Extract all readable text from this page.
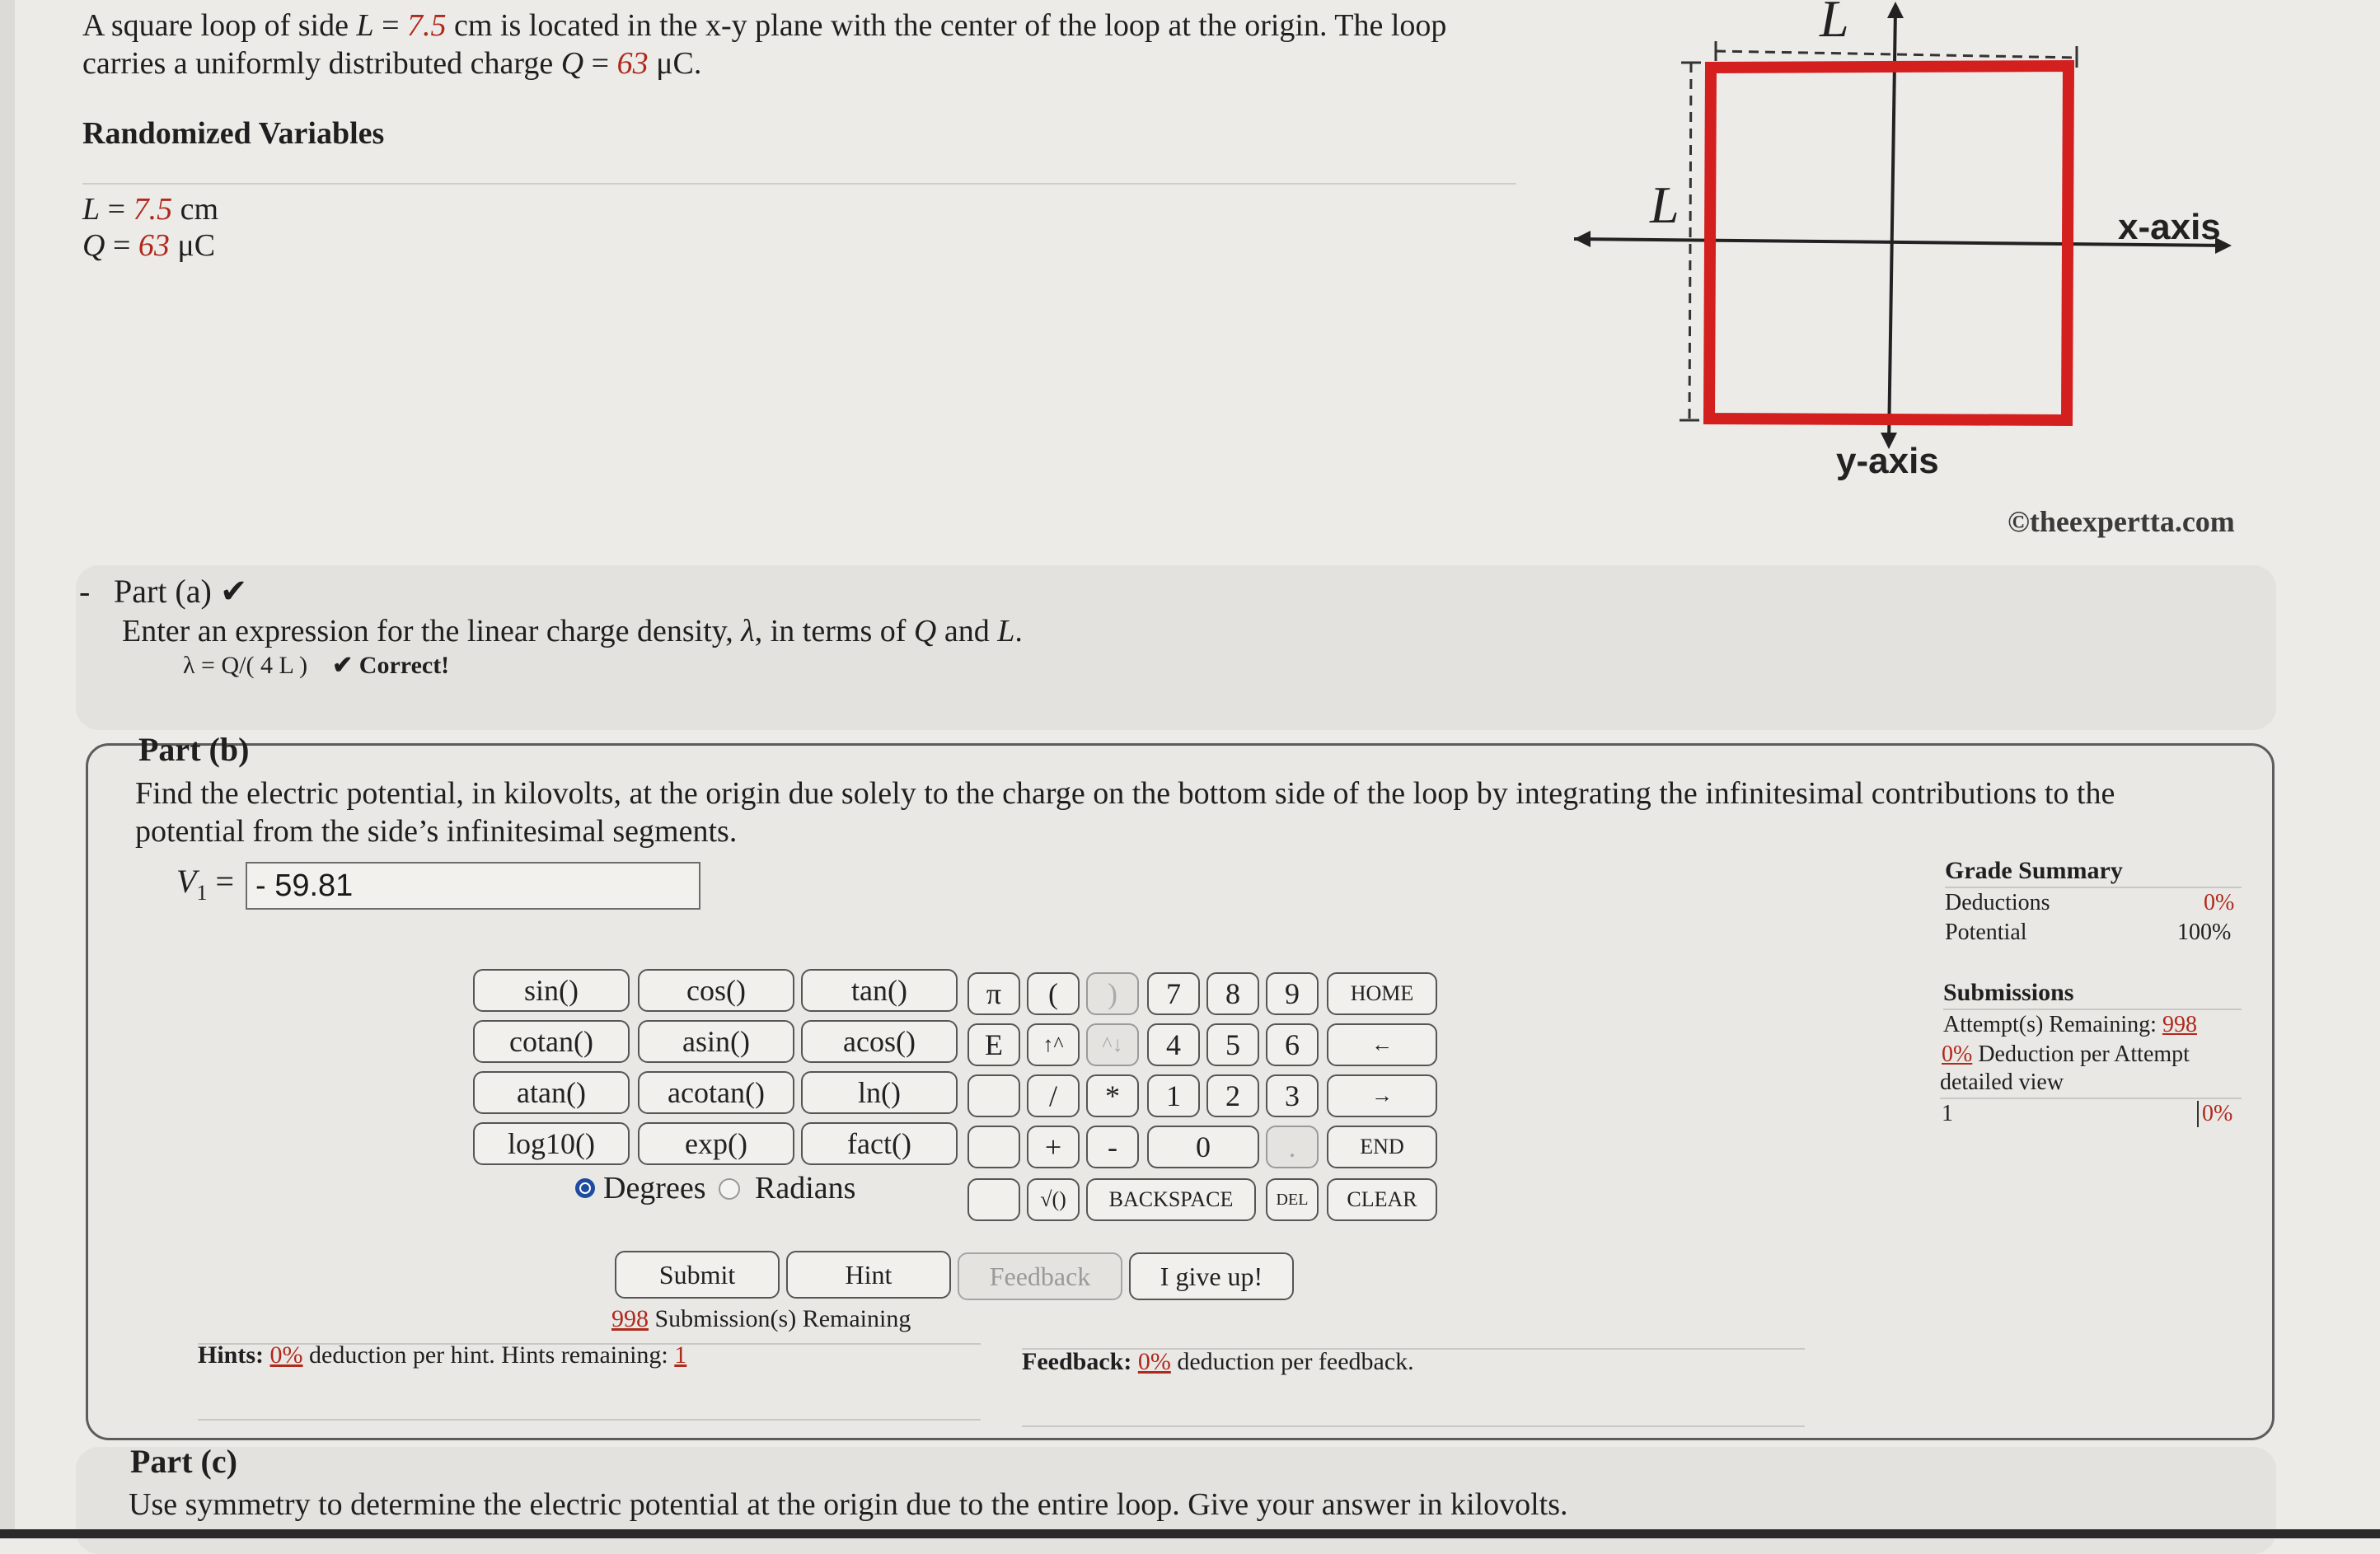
A square loop of side L = 7.5 cm is located in the x-y plane with the center of the loop at the origin. The loop
carries a uniformly distributed charge Q = 63 μC.
Randomized Variables
L = 7.5 cm
Q = 63 μC
L
L	x-axis
y-axis
©theexpertta.com
- Part (a) ✔
Enter an expression for the linear charge density, λ, in terms of Q and L.
λ = Q/( 4 L ) ✔ Correct!
Part (b)
Find the electric potential, in kilovolts, at the origin due solely to the charge on the bottom side of the loop by integrating the infinitesimal contributions to the potential from the side’s infinitesimal segments.
$V_1$ =
- 59.81
sin()	cos()	tan()
cotan()	asin()	acos()
atan()	acotan()	ln()
log10()	exp()	fact()
Degrees Radians
π	(	)	7	8	9	HOME
E	↑^	^↓	4	5	6	←
/	*	1	2	3	→
+	-	0	.	END
√()	BACKSPACE	DEL	CLEAR
Submit	Hint	Feedback	I give up!
998 Submission(s) Remaining
Hints: 0% deduction per hint. Hints remaining: 1	Feedback: 0% deduction per feedback.
Grade Summary
Deductions	0%
Potential	100%
Submissions
Attempt(s) Remaining: 998
0% Deduction per Attempt
detailed view
1	0%
Part (c)
Use symmetry to determine the electric potential at the origin due to the entire loop. Give your answer in kilovolts.
